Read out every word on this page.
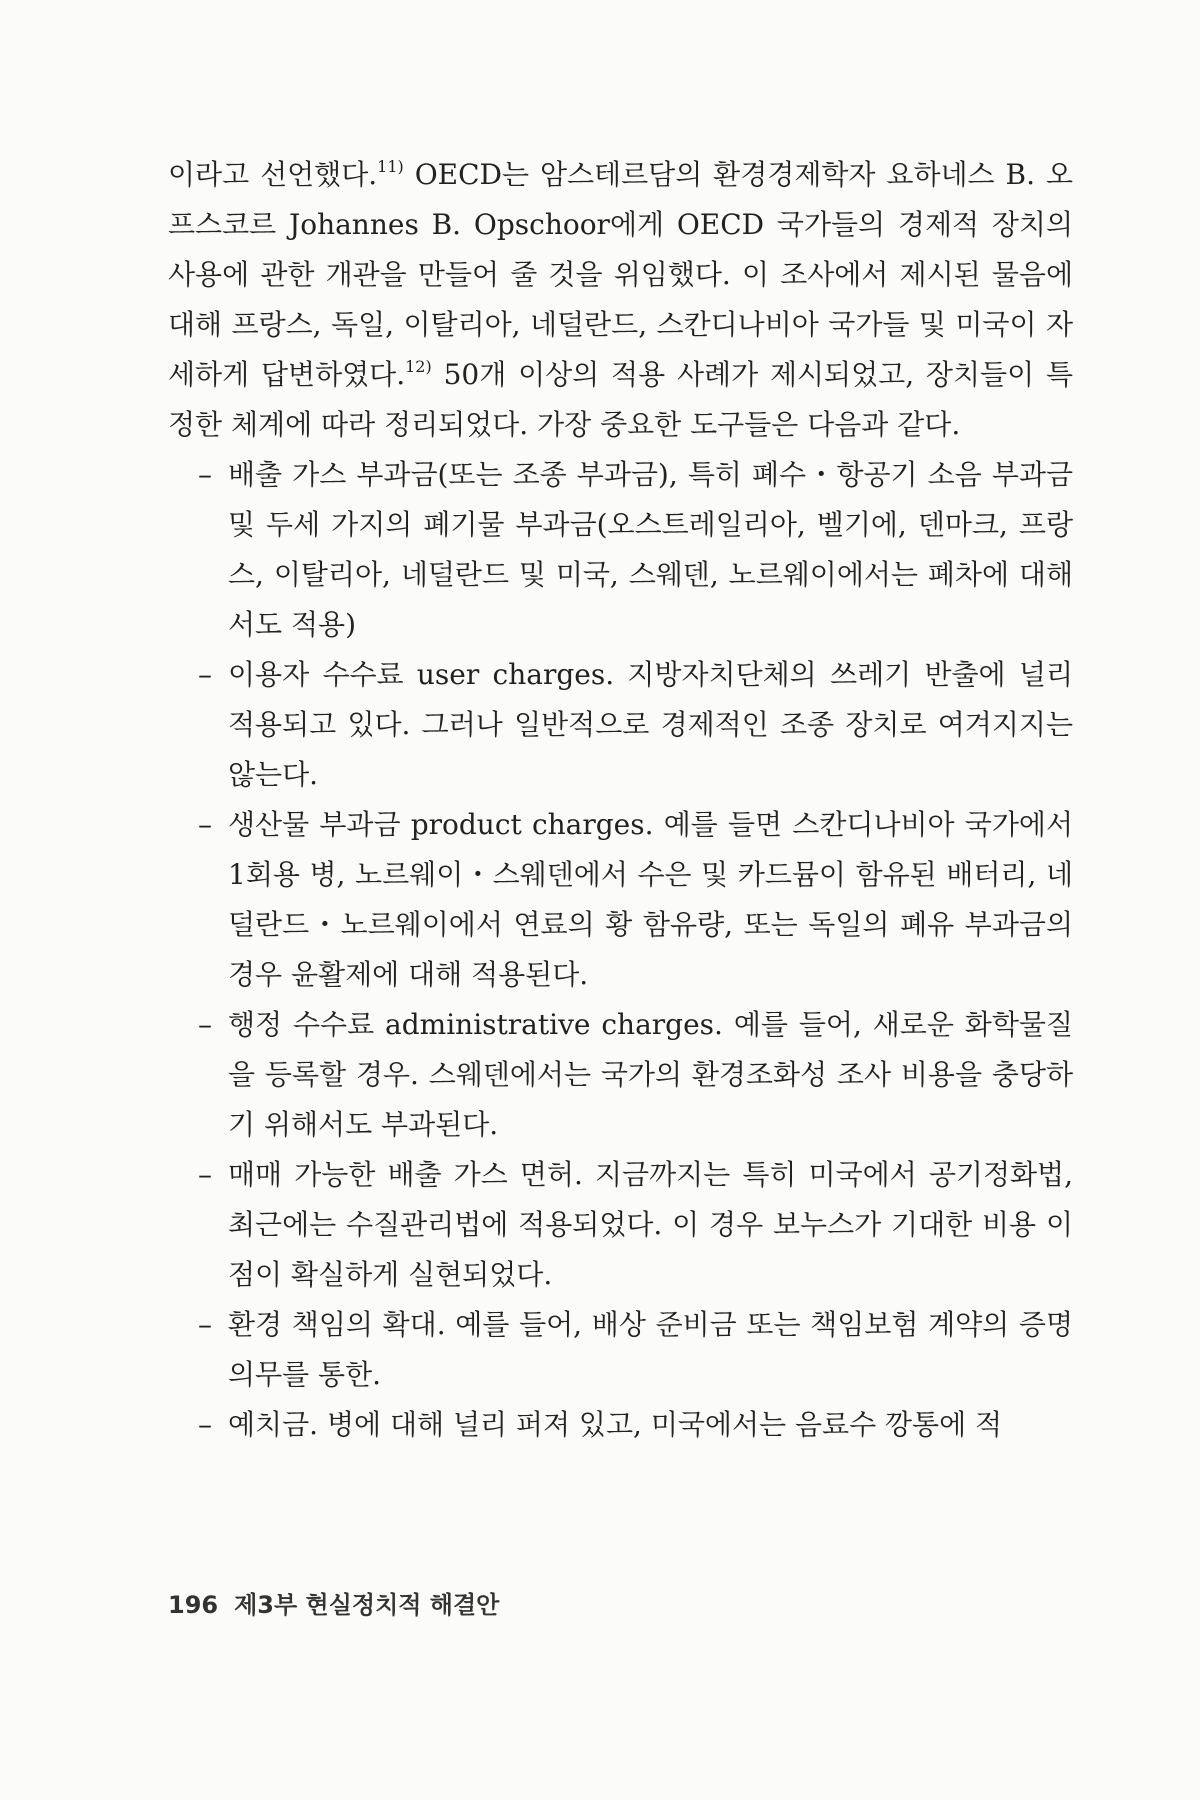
이라고 선언했다.$^{11)}$ OECD는 암스테르담의 환경경제학자 요하네스 B. 오프스코르 Johannes B. Opschoor에게 OECD 국가들의 경제적 장치의 사용에 관한 개관을 만들어 줄 것을 위임했다. 이 조사에서 제시된 물음에 대해 프랑스, 독일, 이탈리아, 네덜란드, 스칸디나비아 국가들 및 미국이 자세하게 답변하였다.$^{12)}$ 50개 이상의 적용 사례가 제시되었고, 장치들이 특정한 체계에 따라 정리되었다. 가장 중요한 도구들은 다음과 같다.

– 배출 가스 부과금(또는 조종 부과금), 특히 폐수・항공기 소음 부과금 및 두세 가지의 폐기물 부과금(오스트레일리아, 벨기에, 덴마크, 프랑스, 이탈리아, 네덜란드 및 미국, 스웨덴, 노르웨이에서는 폐차에 대해서도 적용)
– 이용자 수수료 user charges. 지방자치단체의 쓰레기 반출에 널리 적용되고 있다. 그러나 일반적으로 경제적인 조종 장치로 여겨지지는 않는다.
– 생산물 부과금 product charges. 예를 들면 스칸디나비아 국가에서 1회용 병, 노르웨이・스웨덴에서 수은 및 카드뮴이 함유된 배터리, 네덜란드・노르웨이에서 연료의 황 함유량, 또는 독일의 폐유 부과금의 경우 윤활제에 대해 적용된다.
– 행정 수수료 administrative charges. 예를 들어, 새로운 화학물질을 등록할 경우. 스웨덴에서는 국가의 환경조화성 조사 비용을 충당하기 위해서도 부과된다.
– 매매 가능한 배출 가스 면허. 지금까지는 특히 미국에서 공기정화법, 최근에는 수질관리법에 적용되었다. 이 경우 보누스가 기대한 비용 이점이 확실하게 실현되었다.
– 환경 책임의 확대. 예를 들어, 배상 준비금 또는 책임보험 계약의 증명 의무를 통한.
– 예치금. 병에 대해 널리 퍼져 있고, 미국에서는 음료수 깡통에 적
196 제3부 현실정치적 해결안
